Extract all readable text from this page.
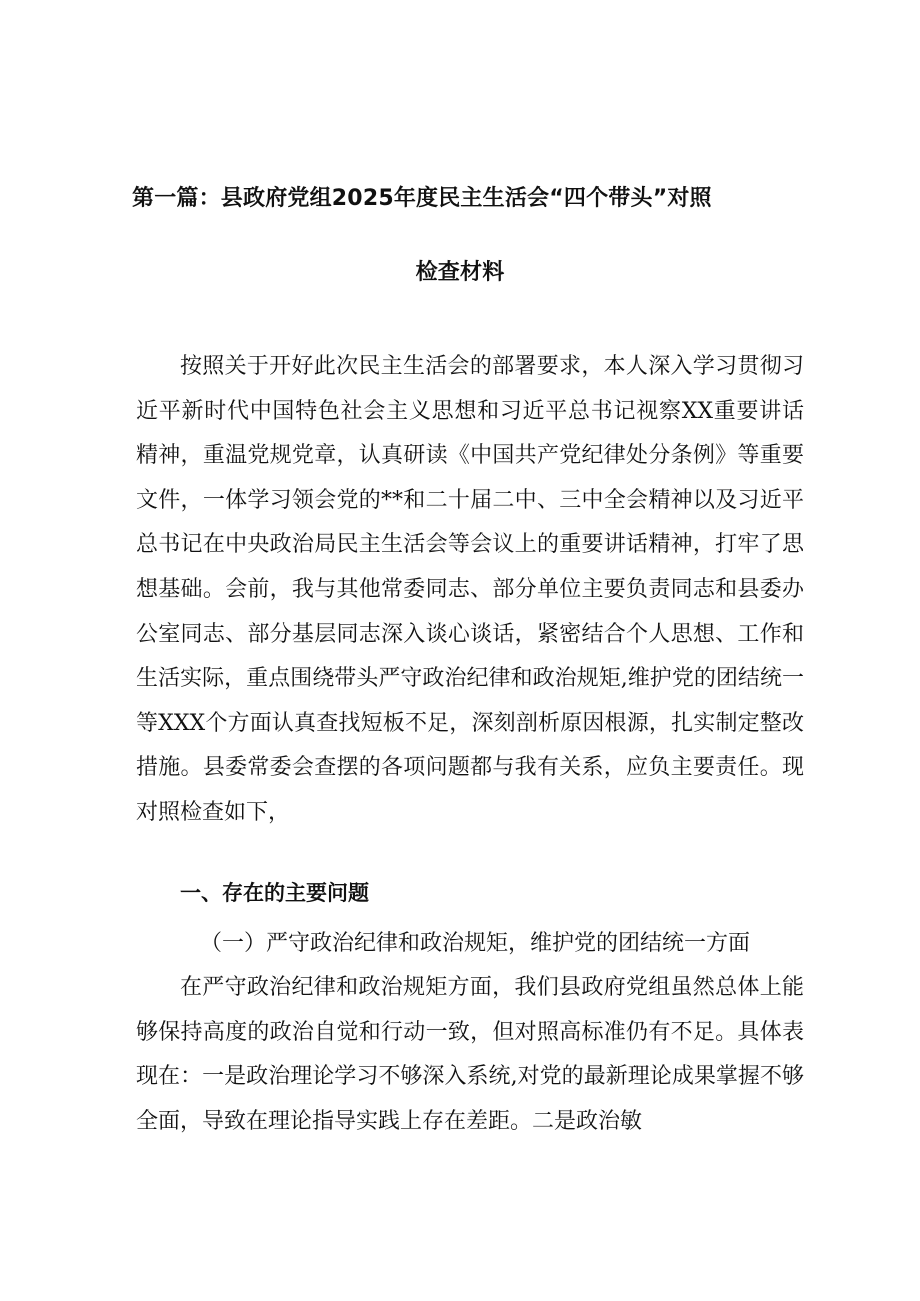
第一篇：县政府党组2025年度民主生活会“四个带头”对照
检查材料
按照关于开好此次民主生活会的部署要求，本人深入学习贯彻习近平新时代中国特色社会主义思想和习近平总书记视察XX重要讲话精神，重温党规党章，认真研读《中国共产党纪律处分条例》等重要文件，一体学习领会党的**和二十届二中、三中全会精神以及习近平总书记在中央政治局民主生活会等会议上的重要讲话精神，打牢了思想基础。会前，我与其他常委同志、部分单位主要负责同志和县委办公室同志、部分基层同志深入谈心谈话，紧密结合个人思想、工作和生活实际，重点围绕带头严守政治纪律和政治规矩,维护党的团结统一等XXX个方面认真查找短板不足，深刻剖析原因根源，扎实制定整改措施。县委常委会查摆的各项问题都与我有关系，应负主要责任。现对照检查如下，
一、存在的主要问题
（一）严守政治纪律和政治规矩，维护党的团结统一方面
在严守政治纪律和政治规矩方面，我们县政府党组虽然总体上能够保持高度的政治自觉和行动一致，但对照高标准仍有不足。具体表现在：一是政治理论学习不够深入系统,对党的最新理论成果掌握不够全面，导致在理论指导实践上存在差距。二是政治敏
